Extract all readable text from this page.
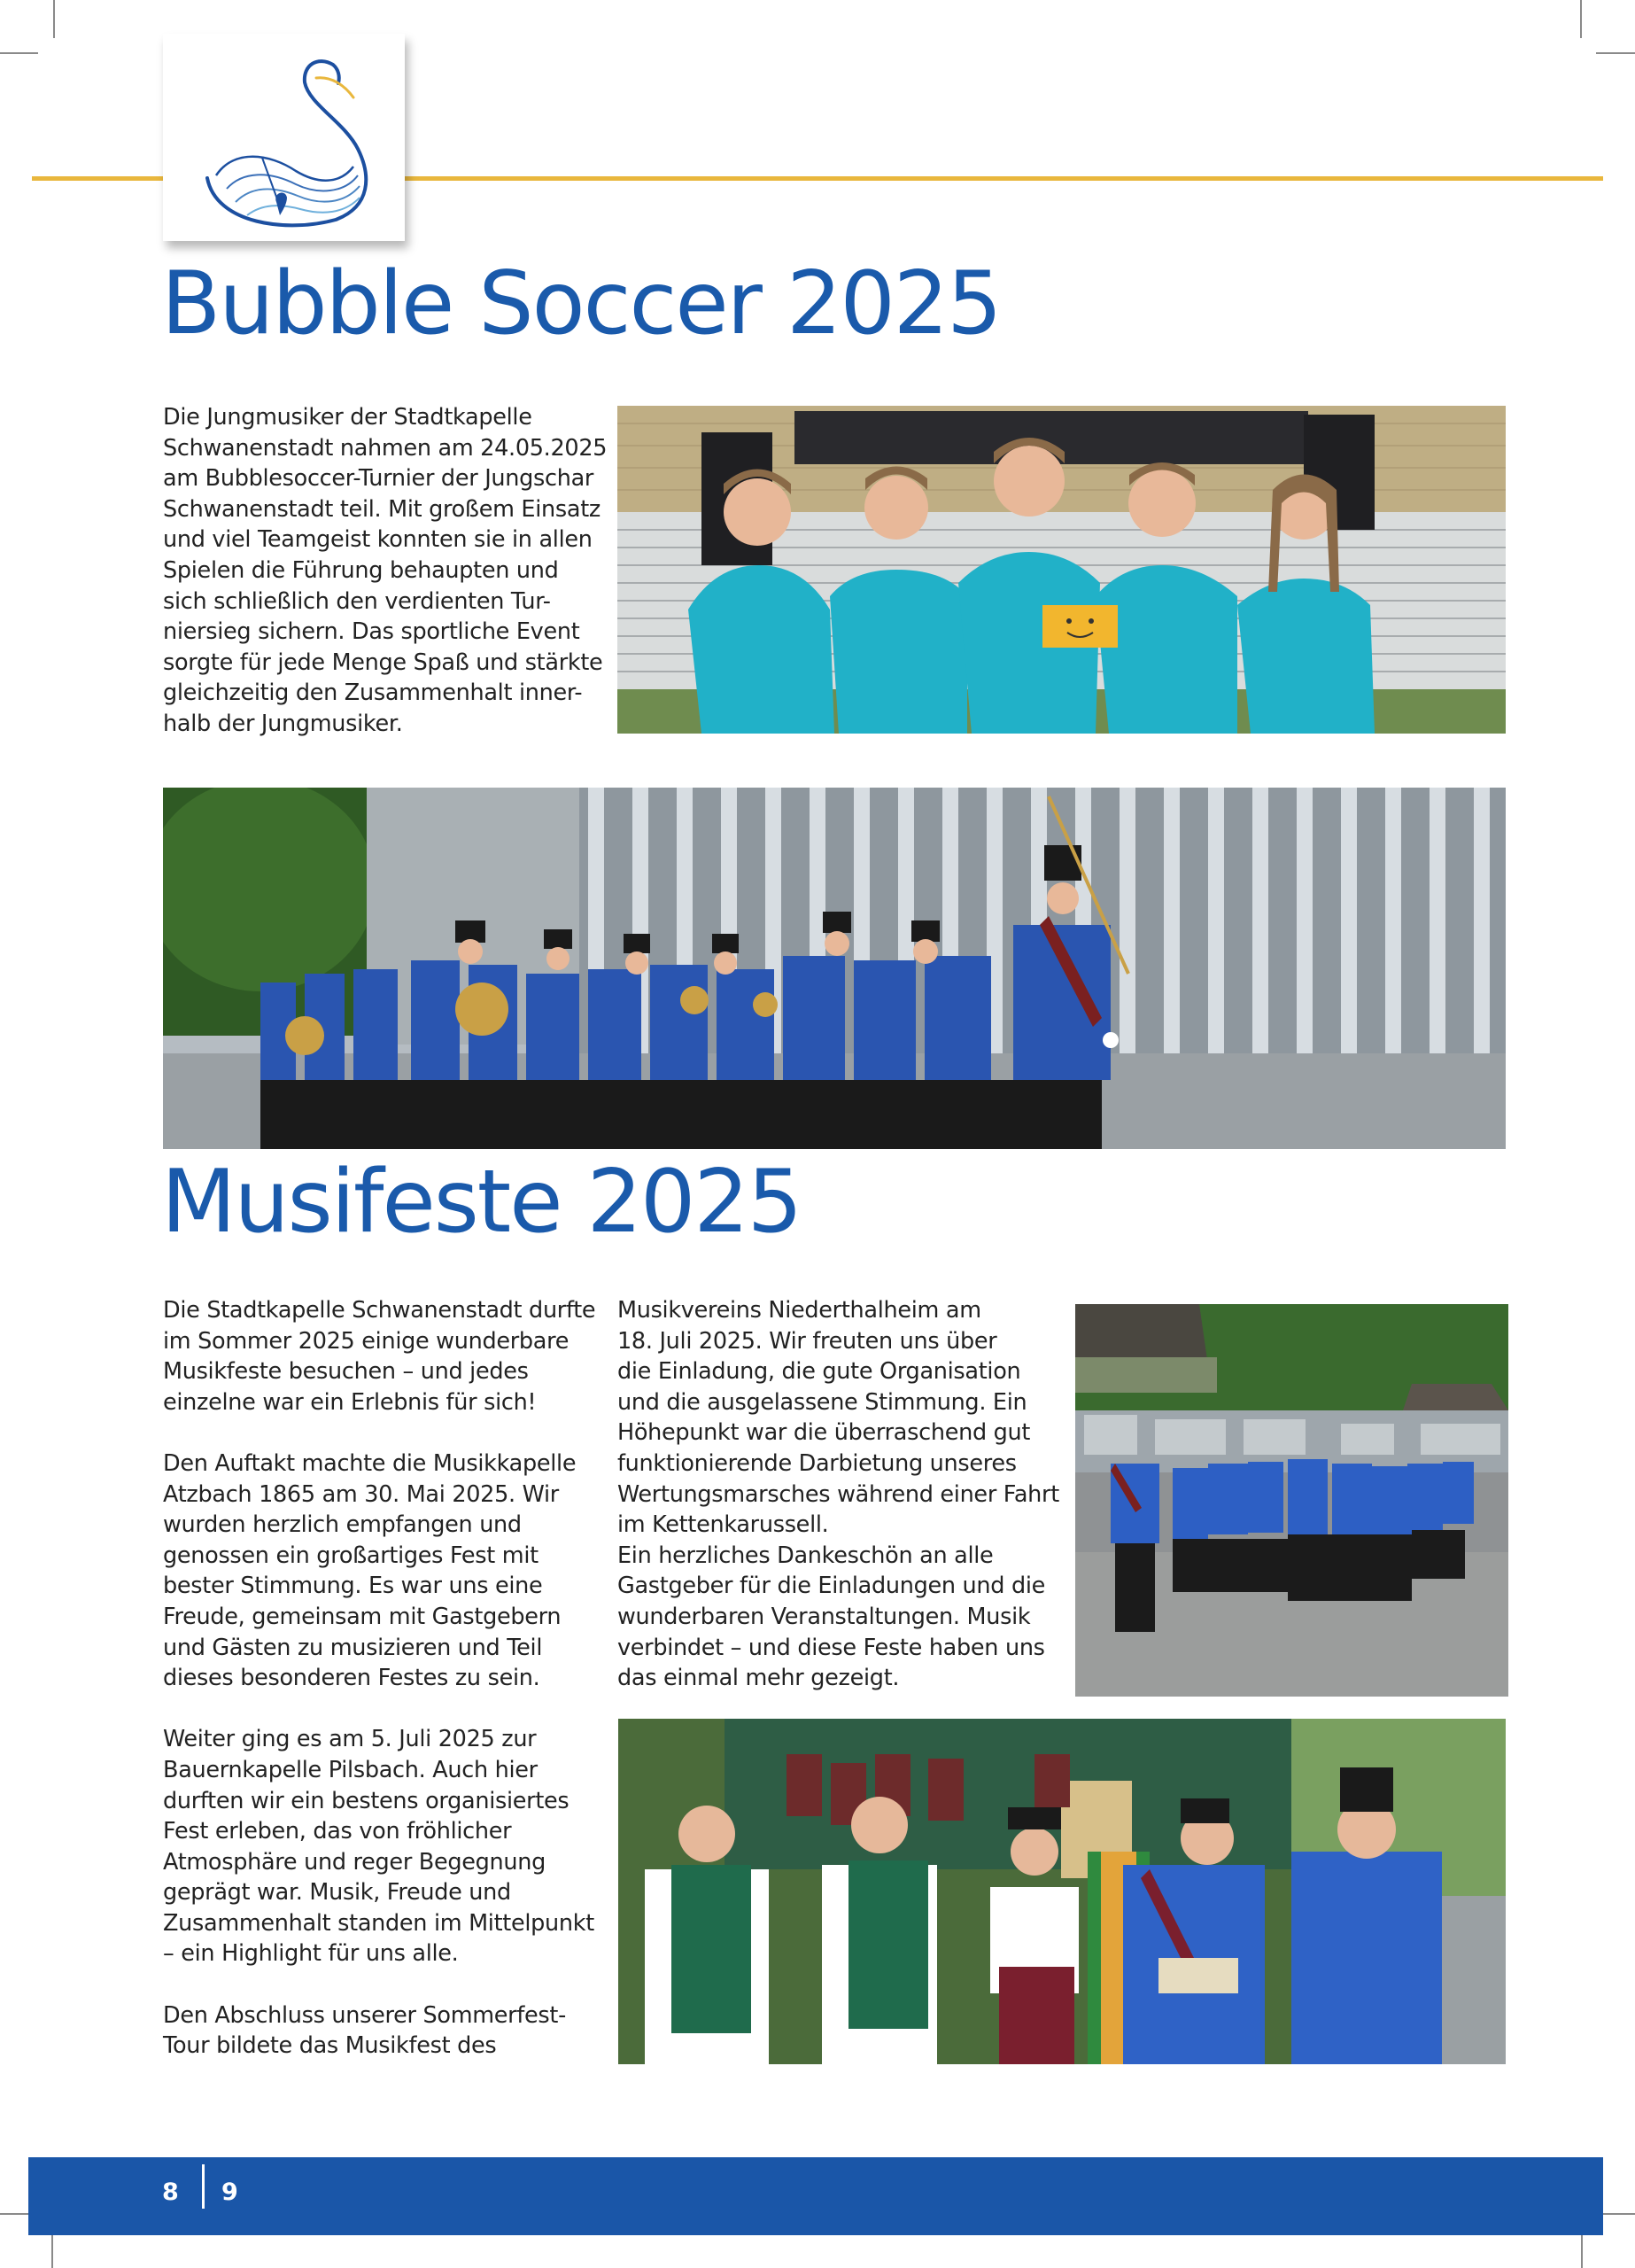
Bubble Soccer 2025
Die Jungmusiker der Stadtkapelle
Schwanenstadt nahmen am 24.05.2025
am Bubblesoccer-Turnier der Jungschar
Schwanenstadt teil. Mit großem Einsatz
und viel Teamgeist konnten sie in allen
Spielen die Führung behaupten und
sich schließlich den verdienten Tur-
niersieg sichern. Das sportliche Event
sorgte für jede Menge Spaß und stärkte
gleichzeitig den Zusammenhalt inner-
halb der Jungmusiker.
Musifeste 2025
Die Stadtkapelle Schwanenstadt durfte
im Sommer 2025 einige wunderbare
Musikfeste besuchen – und jedes
einzelne war ein Erlebnis für sich!
Den Auftakt machte die Musikkapelle
Atzbach 1865 am 30. Mai 2025. Wir
wurden herzlich empfangen und
genossen ein großartiges Fest mit
bester Stimmung. Es war uns eine
Freude, gemeinsam mit Gastgebern
und Gästen zu musizieren und Teil
dieses besonderen Festes zu sein.
Weiter ging es am 5. Juli 2025 zur
Bauernkapelle Pilsbach. Auch hier
durften wir ein bestens organisiertes
Fest erleben, das von fröhlicher
Atmosphäre und reger Begegnung
geprägt war. Musik, Freude und
Zusammenhalt standen im Mittelpunkt
– ein Highlight für uns alle.
Den Abschluss unserer Sommerfest-
Tour bildete das Musikfest des
Musikvereins Niederthalheim am
18. Juli 2025. Wir freuten uns über
die Einladung, die gute Organisation
und die ausgelassene Stimmung. Ein
Höhepunkt war die überraschend gut
funktionierende Darbietung unseres
Wertungsmarsches während einer Fahrt
im Kettenkarussell.
Ein herzliches Dankeschön an alle
Gastgeber für die Einladungen und die
wunderbaren Veranstaltungen. Musik
verbindet – und diese Feste haben uns
das einmal mehr gezeigt.
8 9
